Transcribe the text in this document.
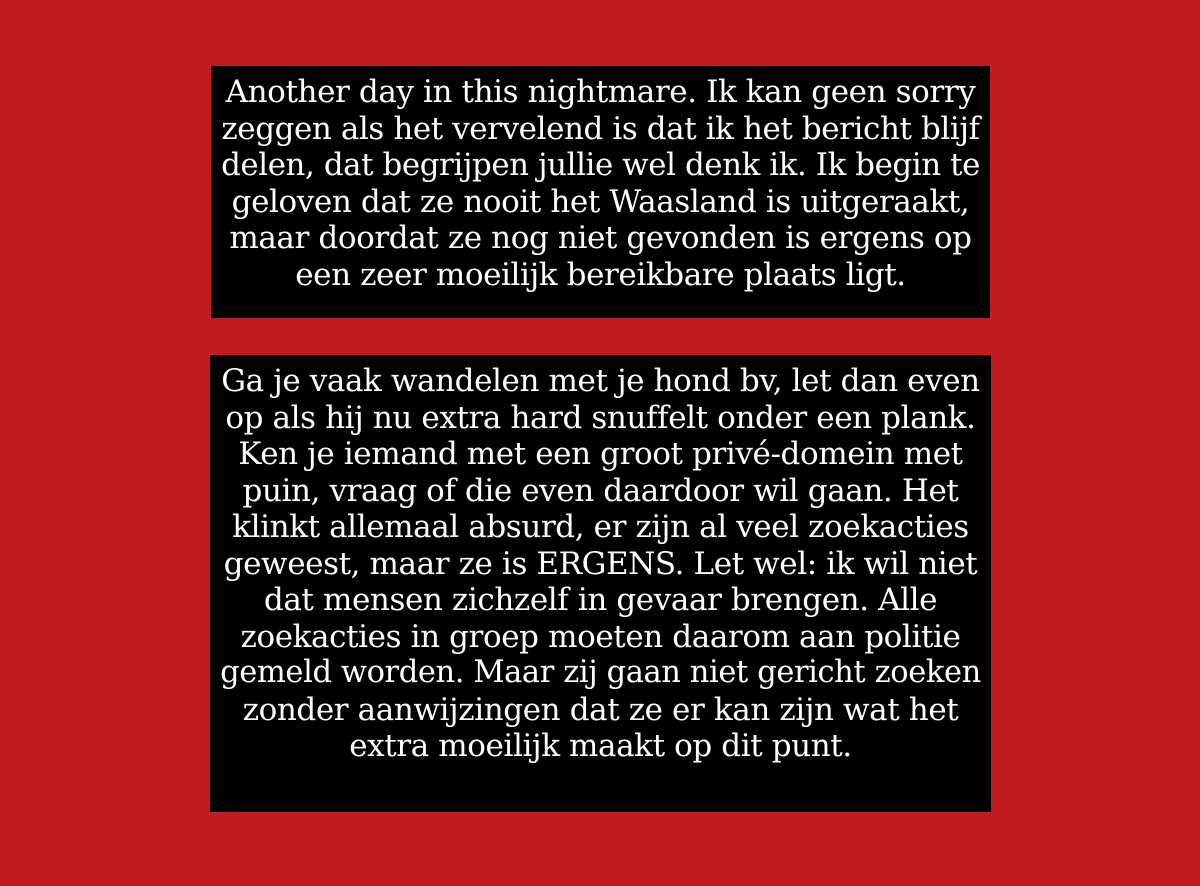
Another day in this nightmare. Ik kan geen sorry
zeggen als het vervelend is dat ik het bericht blijf
delen, dat begrijpen jullie wel denk ik. Ik begin te
geloven dat ze nooit het Waasland is uitgeraakt,
maar doordat ze nog niet gevonden is ergens op
een zeer moeilijk bereikbare plaats ligt.
Ga je vaak wandelen met je hond bv, let dan even
op als hij nu extra hard snuffelt onder een plank.
Ken je iemand met een groot privé-domein met
puin, vraag of die even daardoor wil gaan. Het
klinkt allemaal absurd, er zijn al veel zoekacties
geweest, maar ze is ERGENS. Let wel: ik wil niet
dat mensen zichzelf in gevaar brengen. Alle
zoekacties in groep moeten daarom aan politie
gemeld worden. Maar zij gaan niet gericht zoeken
zonder aanwijzingen dat ze er kan zijn wat het
extra moeilijk maakt op dit punt.
